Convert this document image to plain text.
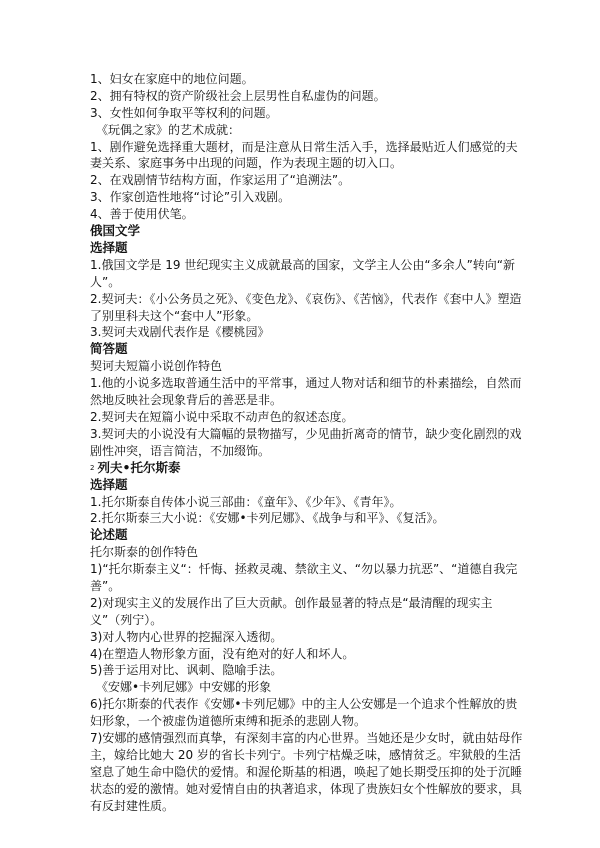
1、妇女在家庭中的地位问题。
2、拥有特权的资产阶级社会上层男性自私虚伪的问题。
3、女性如何争取平等权利的问题。
《玩偶之家》的艺术成就：
1、剧作避免选择重大题材，而是注意从日常生活入手，选择最贴近人们感觉的夫妻关系、家庭事务中出现的问题，作为表现主题的切入口。
2、在戏剧情节结构方面，作家运用了“追溯法”。
3、作家创造性地将“讨论”引入戏剧。
4、善于使用伏笔。
俄国文学
选择题
1.俄国文学是 19 世纪现实主义成就最高的国家，文学主人公由“多余人”转向“新人”。
2.契诃夫：《小公务员之死》、《变色龙》、《哀伤》、《苦恼》，代表作《套中人》塑造了别里科夫这个“套中人”形象。
3.契诃夫戏剧代表作是《樱桃园》
简答题
契诃夫短篇小说创作特色
1.他的小说多选取普通生活中的平常事，通过人物对话和细节的朴素描绘，自然而然地反映社会现象背后的善恶是非。
2.契诃夫在短篇小说中采取不动声色的叙述态度。
3.契诃夫的小说没有大篇幅的景物描写，少见曲折离奇的情节，缺少变化剧烈的戏剧性冲突，语言简洁，不加缀饰。
$^2$ 列夫•托尔斯泰
选择题
1.托尔斯泰自传体小说三部曲：《童年》、《少年》、《青年》。
2.托尔斯泰三大小说：《安娜•卡列尼娜》、《战争与和平》、《复活》。
论述题
托尔斯泰的创作特色
1)“托尔斯泰主义“：忏悔、拯救灵魂、禁欲主义、“勿以暴力抗恶”、“道德自我完善”。
2)对现实主义的发展作出了巨大贡献。创作最显著的特点是“最清醒的现实主义”（列宁）。
3)对人物内心世界的挖掘深入透彻。
4)在塑造人物形象方面，没有绝对的好人和坏人。
5)善于运用对比、讽刺、隐喻手法。
《安娜•卡列尼娜》中安娜的形象
6)托尔斯泰的代表作《安娜•卡列尼娜》中的主人公安娜是一个追求个性解放的贵妇形象，一个被虚伪道德所束缚和扼杀的悲剧人物。
7)安娜的感情强烈而真挚，有深刻丰富的内心世界。当她还是少女时，就由姑母作主，嫁给比她大 20 岁的省长卡列宁。卡列宁枯燥乏味，感情贫乏。牢狱般的生活窒息了她生命中隐伏的爱情。和渥伦斯基的相遇，唤起了她长期受压抑的处于沉睡状态的爱的激情。她对爱情自由的执著追求，体现了贵族妇女个性解放的要求，具有反封建性质。
